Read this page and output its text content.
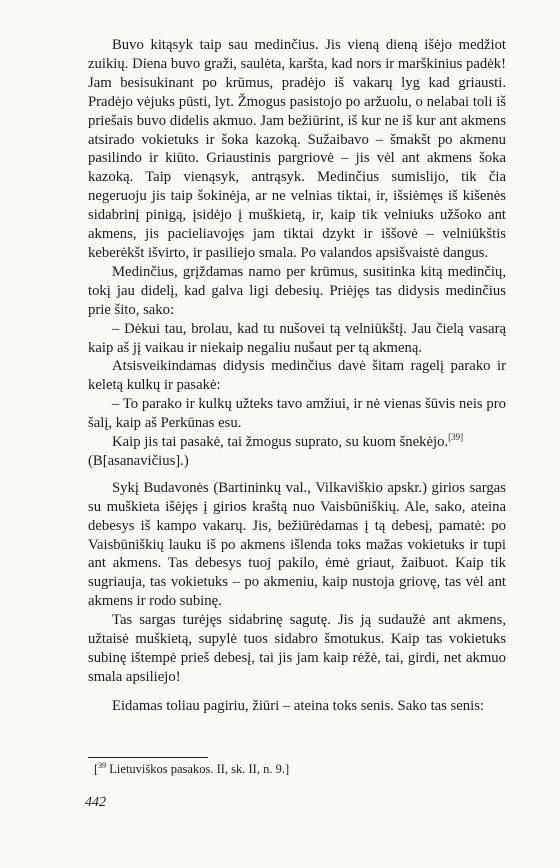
Buvo kitąsyk taip sau medinčius. Jis vieną dieną išėjo medžiot zuikių. Diena buvo graži, saulėta, karšta, kad nors ir marškinius padėk! Jam besisukinant po krūmus, pradėjo iš vakarų lyg kad griausti. Pradėjo vėjuks pūsti, lyt. Žmogus pasistojo po aržuolu, o nelabai toli iš priešais buvo didelis akmuo. Jam bežiūrint, iš kur ne iš kur ant akmens atsirado vokietuks ir šoka kazoką. Sužaibavo – šmakšt po akmenu pasilindo ir kiūto. Griaustinis pargriovė – jis vėl ant akmens šoka kazoką. Taip vienąsyk, antrąsyk. Medinčius sumislijo, tik čia negeruoju jis taip šokinėja, ar ne velnias tiktai, ir, išsiėmęs iš kišenės sidabrinį pinigą, įsidėjo į muškietą, ir, kaip tik velniuks užšoko ant akmens, jis pacieliavojęs jam tiktai dzykt ir iššovė – velniūkštis keberėkšt išvirto, ir pasiliejo smala. Po valandos apsišvaistė dangus.

Medinčius, grįždamas namo per krūmus, susitinka kitą medinčių, tokį jau didelį, kad galva ligi debesių. Priėjęs tas didysis medinčius prie šito, sako:

– Dėkui tau, brolau, kad tu nušovei tą velniūkštį. Jau čielą vasarą kaip aš jį vaikau ir niekaip negaliu nušaut per tą akmeną.

Atsisveikindamas didysis medinčius davė šitam ragelį parako ir keletą kulkų ir pasakė:

– To parako ir kulkų užteks tavo amžiui, ir nė vienas šūvis neis pro šalį, kaip aš Perkūnas esu.

Kaip jis tai pasakė, tai žmogus suprato, su kuom šnekėjo.[39]

(B[asanavičius].)

Sykį Budavonės (Bartininkų val., Vilkaviškio apskr.) girios sargas su muškieta išėjęs į girios kraštą nuo Vaisbūniškių. Ale, sako, ateina debesys iš kampo vakarų. Jis, bežiūrėdamas į tą debesį, pamatė: po Vaisbūniškių lauku iš po akmens išlenda toks mažas vokietuks ir tupi ant akmens. Tas debesys tuoj pakilo, ėmė griaut, žaibuot. Kaip tik sugriauja, tas vokietuks – po akmeniu, kaip nustoja griovę, tas vėl ant akmens ir rodo subinę.

Tas sargas turėjęs sidabrinę sagutę. Jis ją sudaužė ant akmens, užtaisė muškietą, supylė tuos sidabro šmotukus. Kaip tas vokietuks subinę ištempė prieš debesį, tai jis jam kaip rėžė, tai, girdi, net akmuo smala apsiliejo!

Eidamas toliau pagiriu, žiūri – ateina toks senis. Sako tas senis:

[$^{39}$ Lietuviškos pasakos. II, sk. II, n. 9.]
442
